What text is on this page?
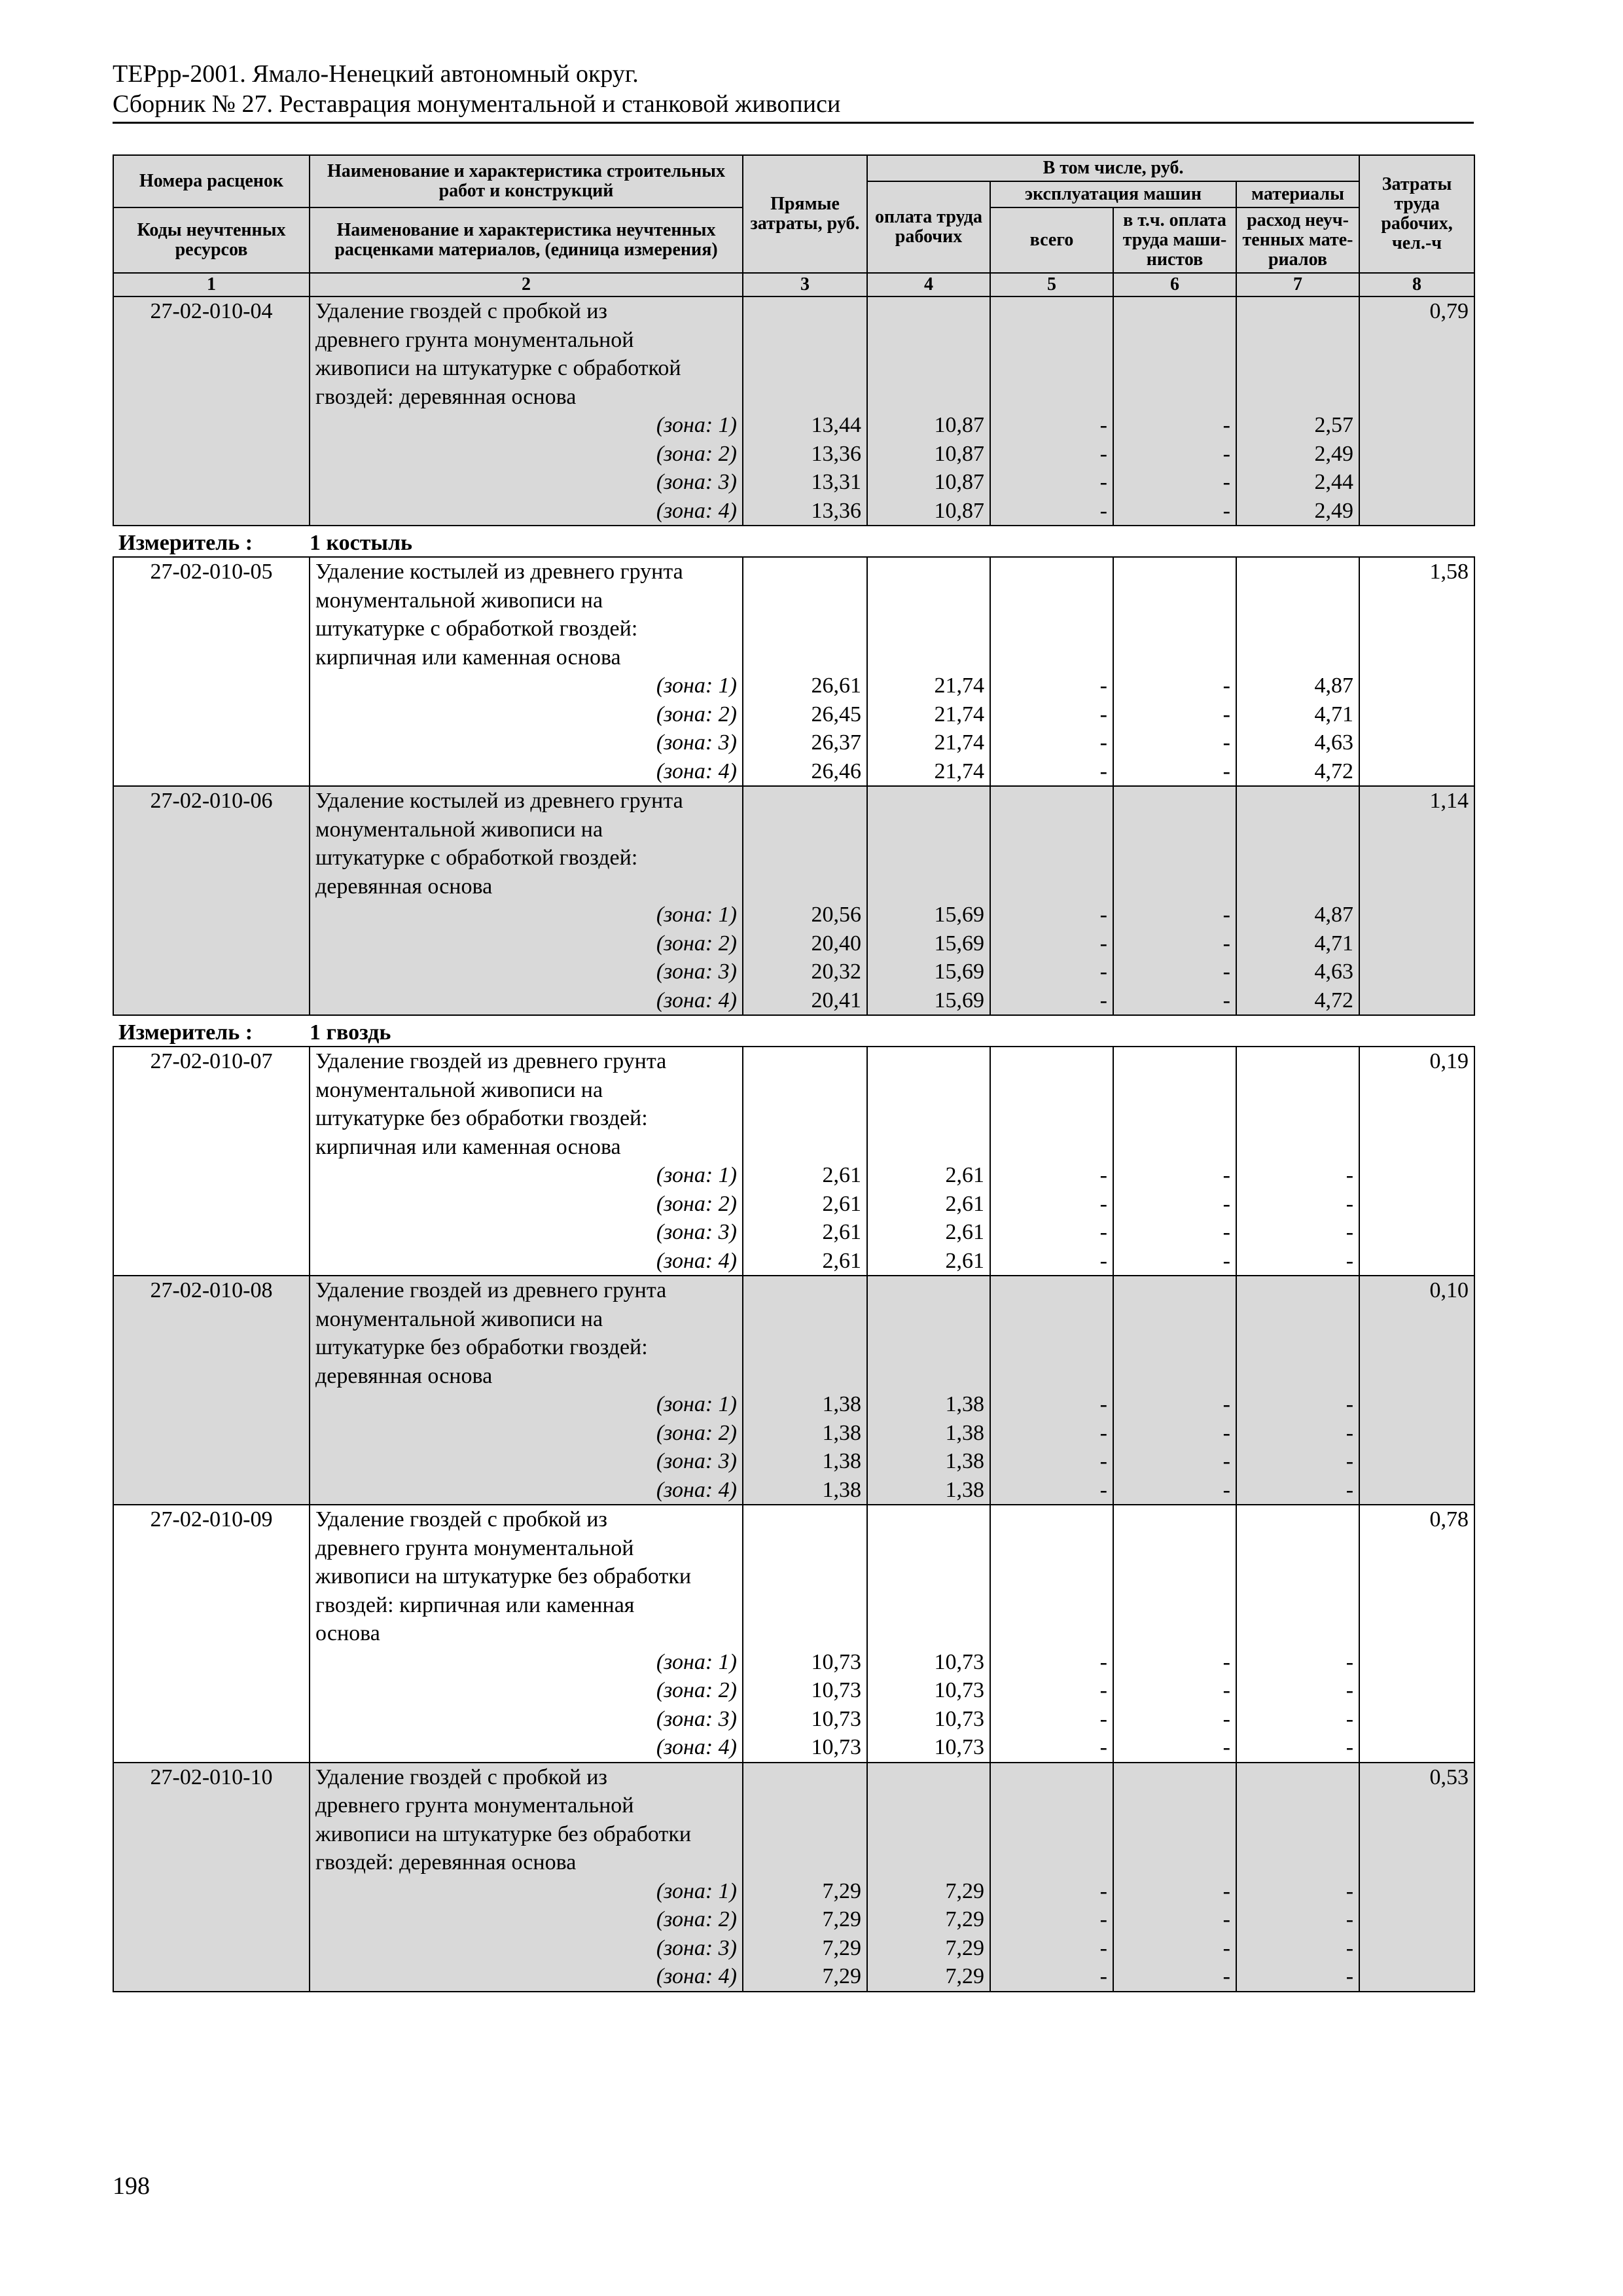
ТЕРрр-2001. Ямало-Ненецкий автономный округ.
Сборник № 27. Реставрация монументальной и станковой живописи
Номера расценок	Наименование и характеристика строительных работ и конструкций	Прямые затраты, руб.	В том числе, руб.				Затраты труда рабочих, чел.-ч
			оплата труда рабочих	эксплуатация машин		материалы	
Коды неучтенных ресурсов	Наименование и характеристика неучтенных расценками материалов, (единица измерения)			всего	в т.ч. оплата труда маши- нистов	расход неуч- тенных мате- риалов	

1	2	3	4	5	6	7	8
27-02-010-04	Удаление гвоздей с пробкой из						0,79
	древнего грунта монументальной						
	живописи на штукатурке с обработкой						
	гвоздей: деревянная основа						
	(зона: 1)	13,44	10,87	-	-	2,57	
	(зона: 2)	13,36	10,87	-	-	2,49	
	(зона: 3)	13,31	10,87	-	-	2,44	
	(зона: 4)	13,36	10,87	-	-	2,49	
Измеритель :	1 костыль						
27-02-010-05	Удаление костылей из древнего грунта						1,58
	монументальной живописи на						
	штукатурке с обработкой гвоздей:						
	кирпичная или каменная основа						
	(зона: 1)	26,61	21,74	-	-	4,87	
	(зона: 2)	26,45	21,74	-	-	4,71	
	(зона: 3)	26,37	21,74	-	-	4,63	
	(зона: 4)	26,46	21,74	-	-	4,72	
27-02-010-06	Удаление костылей из древнего грунта						1,14
	монументальной живописи на						
	штукатурке с обработкой гвоздей:						
	деревянная основа						
	(зона: 1)	20,56	15,69	-	-	4,87	
	(зона: 2)	20,40	15,69	-	-	4,71	
	(зона: 3)	20,32	15,69	-	-	4,63	
	(зона: 4)	20,41	15,69	-	-	4,72	
Измеритель :	1 гвоздь						
27-02-010-07	Удаление гвоздей из древнего грунта						0,19
	монументальной живописи на						
	штукатурке без обработки гвоздей:						
	кирпичная или каменная основа						
	(зона: 1)	2,61	2,61	-	-	-	
	(зона: 2)	2,61	2,61	-	-	-	
	(зона: 3)	2,61	2,61	-	-	-	
	(зона: 4)	2,61	2,61	-	-	-	
27-02-010-08	Удаление гвоздей из древнего грунта						0,10
	монументальной живописи на						
	штукатурке без обработки гвоздей:						
	деревянная основа						
	(зона: 1)	1,38	1,38	-	-	-	
	(зона: 2)	1,38	1,38	-	-	-	
	(зона: 3)	1,38	1,38	-	-	-	
	(зона: 4)	1,38	1,38	-	-	-	
27-02-010-09	Удаление гвоздей с пробкой из						0,78
	древнего грунта монументальной						
	живописи на штукатурке без обработки						
	гвоздей: кирпичная или каменная						
	основа						
	(зона: 1)	10,73	10,73	-	-	-	
	(зона: 2)	10,73	10,73	-	-	-	
	(зона: 3)	10,73	10,73	-	-	-	
	(зона: 4)	10,73	10,73	-	-	-	
27-02-010-10	Удаление гвоздей с пробкой из						0,53
	древнего грунта монументальной						
	живописи на штукатурке без обработки						
	гвоздей: деревянная основа						
	(зона: 1)	7,29	7,29	-	-	-	
	(зона: 2)	7,29	7,29	-	-	-	
	(зона: 3)	7,29	7,29	-	-	-	
	(зона: 4)	7,29	7,29	-	-	-	
198
